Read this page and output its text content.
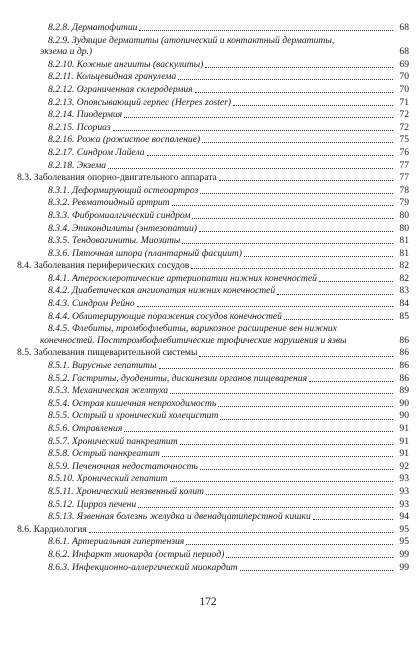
8.2.8. Дерматофитии	68
8.2.9. Зудящие дерматиты (атопический и контактный дерматиты,
экзема и др.)	68
8.2.10. Кожные ангииты (васкулиты)	69
8.2.11. Кольцевидная гранулема	70
8.2.12. Ограниченная склеродермия	70
8.2.13. Опоясывающий герпес (Herpes zoster)	71
8.2.14. Пиодермия	72
8.2.15. Псориаз	72
8.2.16. Рожа (рожистое воспаление)	75
8.2.17. Синдром Лайела	76
8.2.18. Экзема	77
8.3. Заболевания опорно-двигательного аппарата	77
8.3.1. Деформирующий остеоартроз	78
8.3.2. Ревматоидный артрит	79
8.3.3. Фибромиалгический синдром	80
8.3.4. Эпикондилиты (энтезопатии)	80
8.3.5. Тендовагиниты. Миозиты	81
8.3.6. Пяточная шпора (плантарный фасциит)	81
8.4. Заболевания периферических сосудов	82
8.4.1. Атеросклеротические артериопатии нижних конечностей	82
8.4.2. Диабетическая ангиопатия нижних конечностей	83
8.4.3. Синдром Рейно	84
8.4.4. Облитерирующие поражения сосудов конечностей	85
8.4.5. Флебиты, тромбофлебиты, варикозное расширение вен нижних
конечностей. Посттромбофлебитические трофические нарушения и язвы	86
8.5. Заболевания пищеварительной системы	86
8.5.1. Вирусные гепатиты	86
8.5.2. Гастриты, дуодениты, дискинезии органов пищеварения	86
8.5.3. Механическая желтуха	89
8.5.4. Острая кишечная непроходимость	90
8.5.5. Острый и хронический холецистит	90
8.5.6. Отравления	91
8.5.7. Хронический панкреатит	91
8.5.8. Острый панкреатит	91
8.5.9. Печеночная недостаточность	92
8.5.10. Хронический гепатит	93
8.5.11. Хронический неязвенный колит	93
8.5.12. Цирроз печени	93
8.5.13. Язвенная болезнь желудка и двенадцатиперстной кишки	94
8.6. Кардиология	95
8.6.1. Артериальная гипертензия	95
8.6.2. Инфаркт миокарда (острый период)	99
8.6.3. Инфекционно-аллергический миокардит	99
172
